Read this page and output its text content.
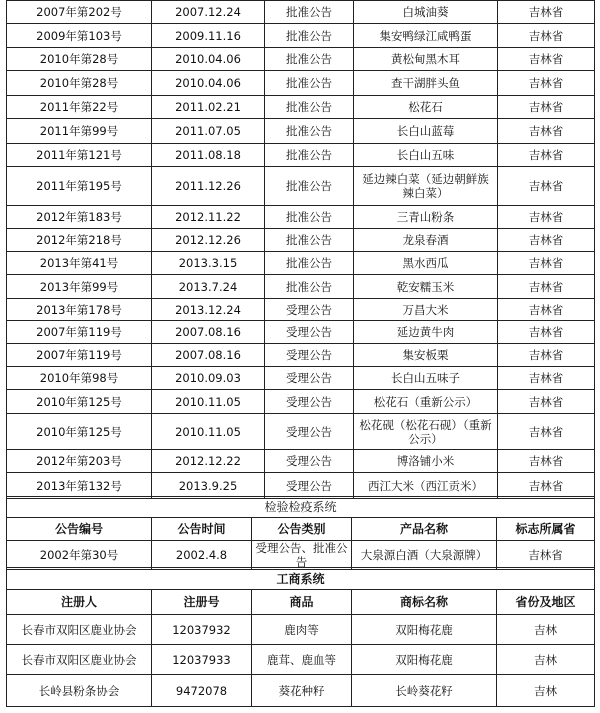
2007年第202号	2007.12.24	批准公告	白城油葵	吉林省
2009年第103号	2009.11.16	批准公告	集安鸭绿江咸鸭蛋	吉林省
2010年第28号	2010.04.06	批准公告	黄松甸黑木耳	吉林省
2010年第28号	2010.04.06	批准公告	查干湖胖头鱼	吉林省
2011年第22号	2011.02.21	批准公告	松花石	吉林省
2011年第99号	2011.07.05	批准公告	长白山蓝莓	吉林省
2011年第121号	2011.08.18	批准公告	长白山五味	吉林省
2011年第195号	2011.12.26	批准公告	延边辣白菜（延边朝鲜族辣白菜）	吉林省
2012年第183号	2012.11.22	批准公告	三青山粉条	吉林省
2012年第218号	2012.12.26	批准公告	龙泉春酒	吉林省
2013年第41号	2013.3.15	批准公告	黑水西瓜	吉林省
2013年第99号	2013.7.24	批准公告	乾安糯玉米	吉林省
2013年第178号	2013.12.24	受理公告	万昌大米	吉林省
2007年第119号	2007.08.16	受理公告	延边黄牛肉	吉林省
2007年第119号	2007.08.16	受理公告	集安板栗	吉林省
2010年第98号	2010.09.03	受理公告	长白山五味子	吉林省
2010年第125号	2010.11.05	受理公告	松花石（重新公示）	吉林省
2010年第125号	2010.11.05	受理公告	松花砚（松花石砚）（重新公示）	吉林省
2012年第203号	2012.12.22	受理公告	博洛铺小米	吉林省
2013年第132号	2013.9.25	受理公告	西江大米（西江贡米）	吉林省
检验检疫系统				
公告编号	公告时间	公告类别	产品名称	标志所属省
2002年第30号	2002.4.8	受理公告、批准公告	大泉源白酒（大泉源牌）	吉林省
工商系统				
注册人	注册号	商品	商标名称	省份及地区
长春市双阳区鹿业协会	12037932	鹿肉等	双阳梅花鹿	吉林
长春市双阳区鹿业协会	12037933	鹿茸、鹿血等	双阳梅花鹿	吉林
长岭县粉条协会	9472078	葵花种籽	长岭葵花籽	吉林
